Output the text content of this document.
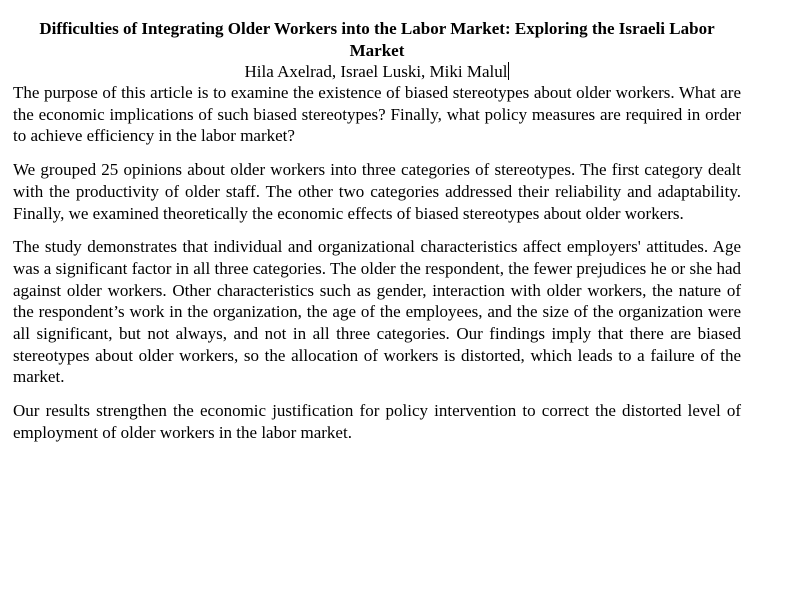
Difficulties of Integrating Older Workers into the Labor Market: Exploring the Israeli Labor Market

Hila Axelrad, Israel Luski, Miki Malul

The purpose of this article is to examine the existence of biased stereotypes about older workers. What are the economic implications of such biased stereotypes? Finally, what policy measures are required in order to achieve efficiency in the labor market?

We grouped 25 opinions about older workers into three categories of stereotypes. The first category dealt with the productivity of older staff. The other two categories addressed their reliability and adaptability. Finally, we examined theoretically the economic effects of biased stereotypes about older workers.

The study demonstrates that individual and organizational characteristics affect employers' attitudes. Age was a significant factor in all three categories. The older the respondent, the fewer prejudices he or she had against older workers. Other characteristics such as gender, interaction with older workers, the nature of the respondent’s work in the organization, the age of the employees, and the size of the organization were all significant, but not always, and not in all three categories. Our findings imply that there are biased stereotypes about older workers, so the allocation of workers is distorted, which leads to a failure of the market.

Our results strengthen the economic justification for policy intervention to correct the distorted level of employment of older workers in the labor market.
